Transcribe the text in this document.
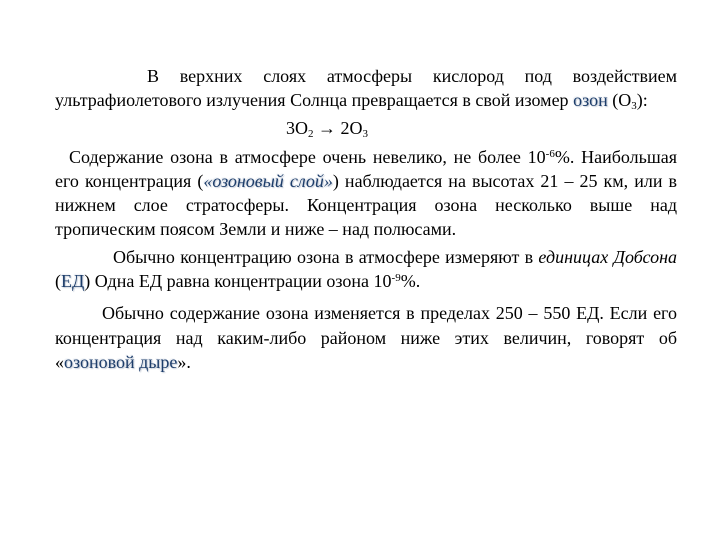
В верхних слоях атмосферы кислород под воздействием ультрафиолетового излучения Солнца превращается в свой изомер озон $(O_3)$:

$3O_2 \to 2O_3$

Содержание озона в атмосфере очень невелико, не более $10^{-6}\%$. Наибольшая его концентрация («озоновый слой») наблюдается на высотах 21 – 25 км, или в нижнем слое стратосферы. Концентрация озона несколько выше над тропическим поясом Земли и ниже – над полюсами.

Обычно концентрацию озона в атмосфере измеряют в единицах Добсона (ЕД) Одна ЕД равна концентрации озона $10^{-9}\%$.

Обычно содержание озона изменяется в пределах 250 – 550 ЕД. Если его концентрация над каким-либо районом ниже этих величин, говорят об «озоновой дыре».
